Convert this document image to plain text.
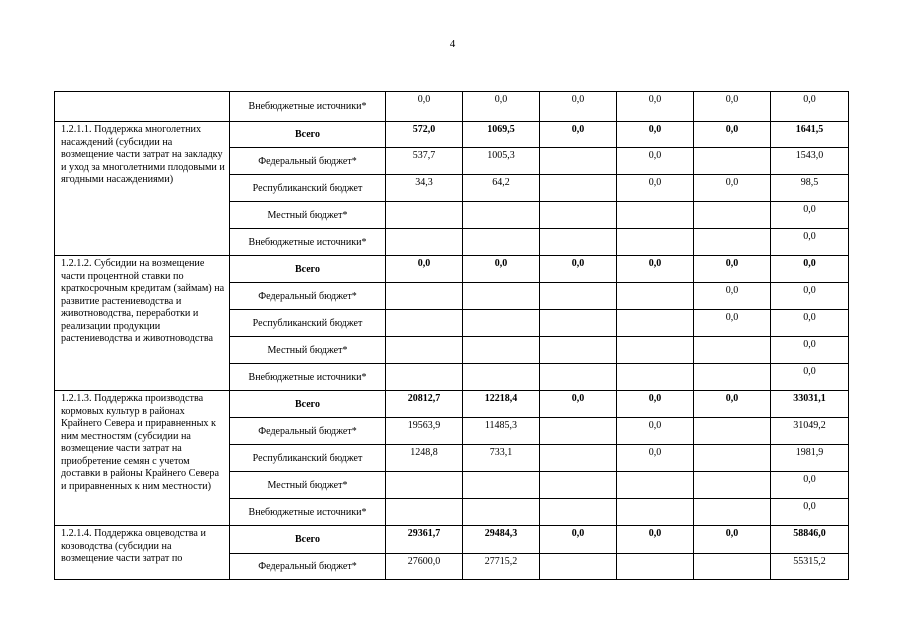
4
	Внебюджетные источники*	0,0	0,0	0,0	0,0	0,0	0,0
1.2.1.1. Поддержка многолетних насаждений (субсидии на возмещение части затрат на закладку и уход за многолетними плодовыми и ягодными насаждениями)	Всего	572,0	1069,5	0,0	0,0	0,0	1641,5
	Федеральный бюджет*	537,7	1005,3		0,0		1543,0
	Республиканский бюджет	34,3	64,2		0,0	0,0	98,5
	Местный бюджет*						0,0
	Внебюджетные источники*						0,0
1.2.1.2. Субсидии на возмещение части процентной ставки по краткосрочным кредитам (займам) на развитие растениеводства и животноводства, переработки и реализации продукции растениеводства и животноводства	Всего	0,0	0,0	0,0	0,0	0,0	0,0
	Федеральный бюджет*					0,0	0,0
	Республиканский бюджет					0,0	0,0
	Местный бюджет*						0,0
	Внебюджетные источники*						0,0
1.2.1.3. Поддержка производства кормовых культур в районах Крайнего Севера и приравненных к ним местностям (субсидии на возмещение части затрат на приобретение семян с учетом доставки в районы Крайнего Севера и приравненных к ним местности)	Всего	20812,7	12218,4	0,0	0,0	0,0	33031,1
	Федеральный бюджет*	19563,9	11485,3		0,0		31049,2
	Республиканский бюджет	1248,8	733,1		0,0		1981,9
	Местный бюджет*						0,0
	Внебюджетные источники*						0,0
1.2.1.4. Поддержка овцеводства и козоводства (субсидии на возмещение части затрат по	Всего	29361,7	29484,3	0,0	0,0	0,0	58846,0
	Федеральный бюджет*	27600,0	27715,2				55315,2
